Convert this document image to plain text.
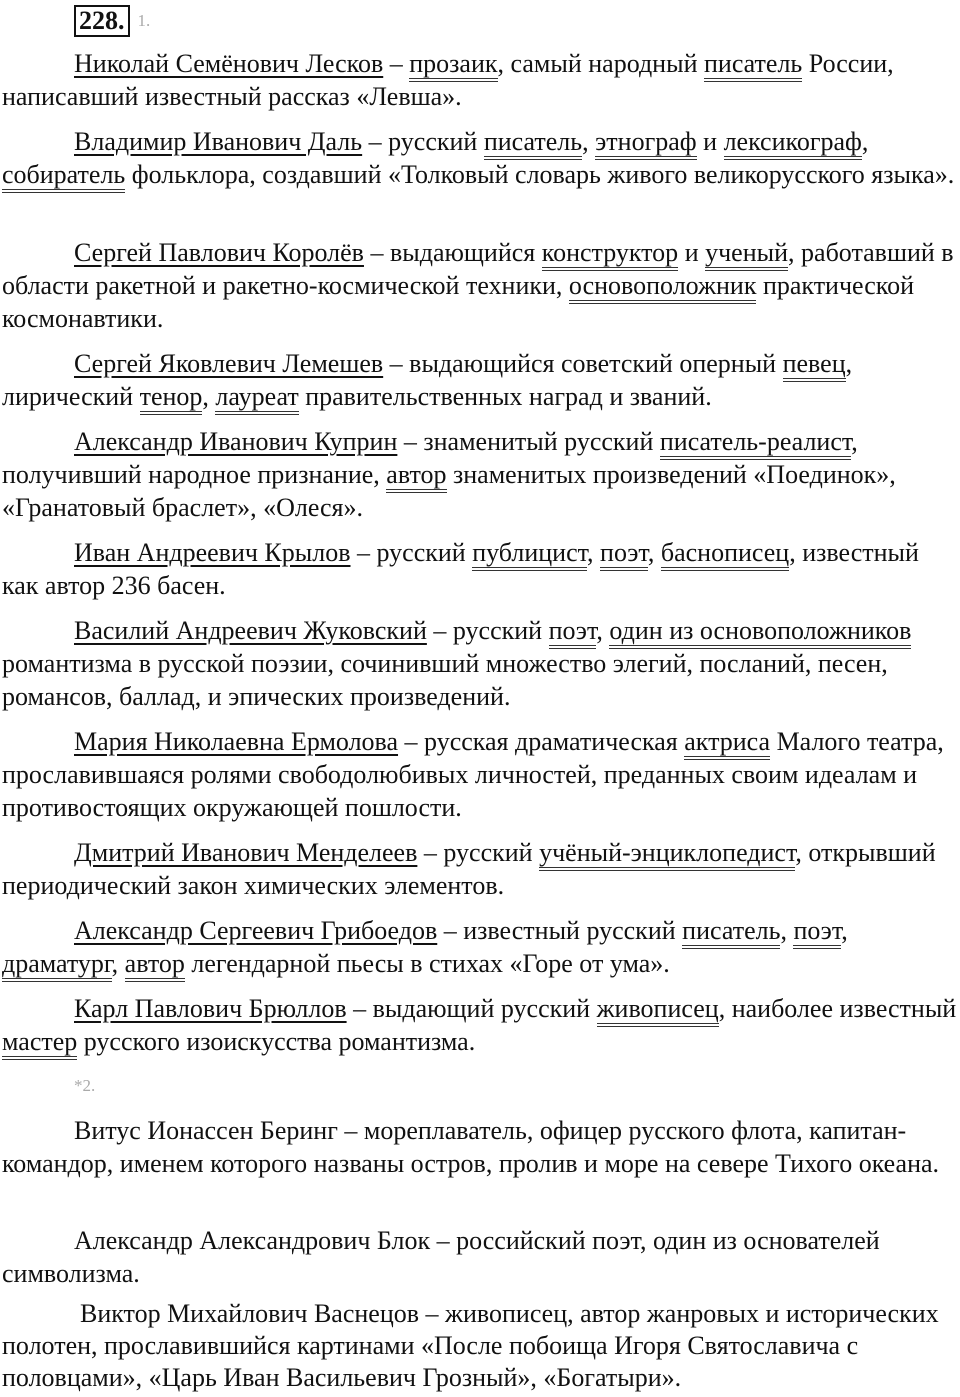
228. 1.

Николай Семёнович Лесков – прозаик, самый народный писатель России, написавший известный рассказ «Левша».

Владимир Иванович Даль – русский писатель, этнограф и лексикограф, собиратель фольклора, создавший «Толковый словарь живого великорусского языка».

Сергей Павлович Королёв – выдающийся конструктор и ученый, работавший в области ракетной и ракетно-космической техники, основоположник практической космонавтики.

Сергей Яковлевич Лемешев – выдающийся советский оперный певец, лирический тенор, лауреат правительственных наград и званий.

Александр Иванович Куприн – знаменитый русский писатель-реалист, получивший народное признание, автор знаменитых произведений «Поединок», «Гранатовый браслет», «Олеся».

Иван Андреевич Крылов – русский публицист, поэт, баснописец, известный как автор 236 басен.

Василий Андреевич Жуковский – русский поэт, один из основоположников романтизма в русской поэзии, сочинивший множество элегий, посланий, песен, романсов, баллад, и эпических произведений.

Мария Николаевна Ермолова – русская драматическая актриса Малого театра, прославившаяся ролями свободолюбивых личностей, преданных своим идеалам и противостоящих окружающей пошлости.

Дмитрий Иванович Менделеев – русский учёный-энциклопедист, открывший периодический закон химических элементов.

Александр Сергеевич Грибоедов – известный русский писатель, поэт, драматург, автор легендарной пьесы в стихах «Горе от ума».

Карл Павлович Брюллов – выдающий русский живописец, наиболее известный мастер русского изоискусства романтизма.

*2.

Витус Ионассен Беринг – мореплаватель, офицер русского флота, капитан-командор, именем которого названы остров, пролив и море на севере Тихого океана.

Александр Александрович Блок – российский поэт, один из основателей символизма.

Виктор Михайлович Васнецов – живописец, автор жанровых и исторических полотен, прославившийся картинами «После побоища Игоря Святославича с половцами», «Царь Иван Васильевич Грозный», «Богатыри».
